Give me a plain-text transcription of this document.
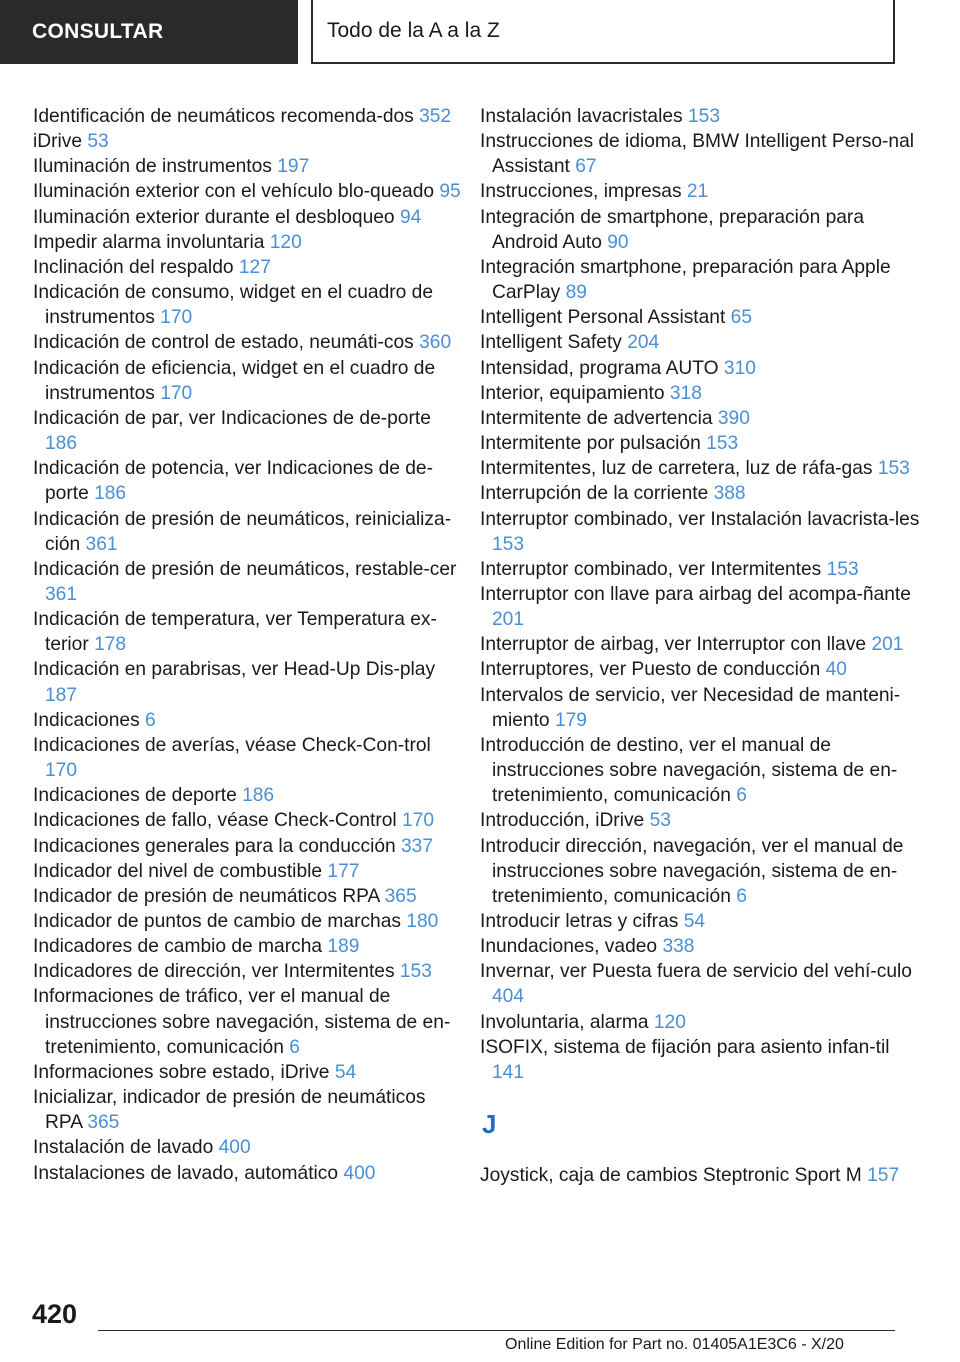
CONSULTAR	Todo de la A a la Z
Identificación de neumáticos recomenda‐dos 352
iDrive 53
Iluminación de instrumentos 197
Iluminación exterior con el vehículo blo‐queado 95
Iluminación exterior durante el desbloqueo 94
Impedir alarma involuntaria 120
Inclinación del respaldo 127
Indicación de consumo, widget en el cuadro de instrumentos 170
Indicación de control de estado, neumáti‐cos 360
Indicación de eficiencia, widget en el cuadro de instrumentos 170
Indicación de par, ver Indicaciones de de‐porte 186
Indicación de potencia, ver Indicaciones de de‐porte 186
Indicación de presión de neumáticos, reinicializa‐ción 361
Indicación de presión de neumáticos, restable‐cer 361
Indicación de temperatura, ver Temperatura ex‐terior 178
Indicación en parabrisas, ver Head-Up Dis‐play 187
Indicaciones 6
Indicaciones de averías, véase Check-Con‐trol 170
Indicaciones de deporte 186
Indicaciones de fallo, véase Check-Control 170
Indicaciones generales para la conducción 337
Indicador del nivel de combustible 177
Indicador de presión de neumáticos RPA 365
Indicador de puntos de cambio de marchas 180
Indicadores de cambio de marcha 189
Indicadores de dirección, ver Intermitentes 153
Informaciones de tráfico, ver el manual de instrucciones sobre navegación, sistema de en‐tretenimiento, comunicación 6
Informaciones sobre estado, iDrive 54
Inicializar, indicador de presión de neumáticos RPA 365
Instalación de lavado 400
Instalaciones de lavado, automático 400
Instalación lavacristales 153
Instrucciones de idioma, BMW Intelligent Perso‐nal Assistant 67
Instrucciones, impresas 21
Integración de smartphone, preparación para Android Auto 90
Integración smartphone, preparación para Apple CarPlay 89
Intelligent Personal Assistant 65
Intelligent Safety 204
Intensidad, programa AUTO 310
Interior, equipamiento 318
Intermitente de advertencia 390
Intermitente por pulsación 153
Intermitentes, luz de carretera, luz de ráfa‐gas 153
Interrupción de la corriente 388
Interruptor combinado, ver Instalación lavacrista‐les 153
Interruptor combinado, ver Intermitentes 153
Interruptor con llave para airbag del acompa‐ñante 201
Interruptor de airbag, ver Interruptor con llave 201
Interruptores, ver Puesto de conducción 40
Intervalos de servicio, ver Necesidad de manteni‐miento 179
Introducción de destino, ver el manual de instrucciones sobre navegación, sistema de en‐tretenimiento, comunicación 6
Introducción, iDrive 53
Introducir dirección, navegación, ver el manual de instrucciones sobre navegación, sistema de en‐tretenimiento, comunicación 6
Introducir letras y cifras 54
Inundaciones, vadeo 338
Invernar, ver Puesta fuera de servicio del vehí‐culo 404
Involuntaria, alarma 120
ISOFIX, sistema de fijación para asiento infan‐til 141
J
Joystick, caja de cambios Steptronic Sport M 157
420
Online Edition for Part no. 01405A1E3C6 - X/20
